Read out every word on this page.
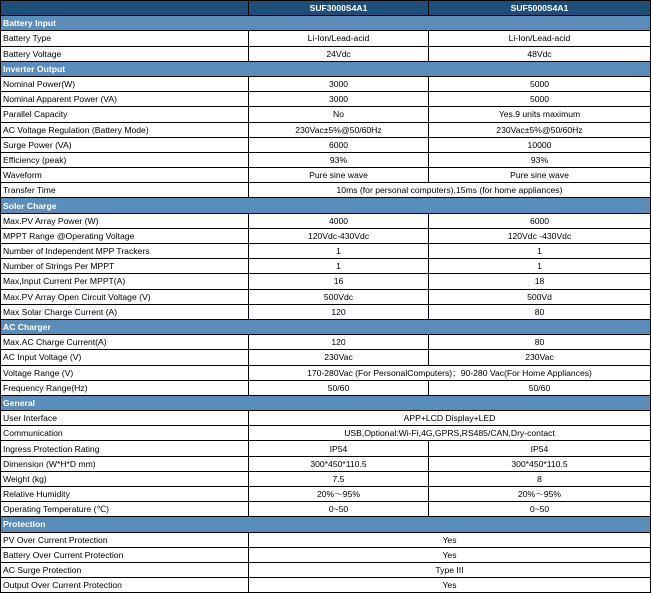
	SUF3000S4A1	SUF5000S4A1
Battery Input		
Battery Type	Li-Ion/Lead-acid	Li-Ion/Lead-acid
Battery Voltage	24Vdc	48Vdc
Inverter Output		
Nominal Power(W)	3000	5000
Nominal Apparent Power (VA)	3000	5000
Parallel Capacity	No	Yes.9 units maximum
AC Voltage Regulation (Battery Mode)	230Vac±5%@50/60Hz	230Vac±5%@50/60Hz
Surge Power (VA)	6000	10000
Efficiency (peak)	93%	93%
Waveform	Pure sine wave	Pure sine wave
Transfer Time	10ms (for personal computers),15ms (for home appliances)	
Soler Charge		
Max.PV Array Power (W)	4000	6000
MPPT Range @Operating Voltage	120Vdc-430Vdc	120Vdc -430Vdc
Number of Independent MPP Trackers	1	1
Number of Strings Per MPPT	1	1
Max,Input Current Per MPPT(A)	16	18
Max.PV Array Open Circuit Voltage (V)	500Vdc	500Vd
Max Solar Charge Current (A)	120	80
AC Charger		
Max.AC Charge Current(A)	120	80
AC Input Voltage (V)	230Vac	230Vac
Voltage Range (V)	170-280Vac (For PersonalComputers)；90-280 Vac(For Home Appliances)	
Frequency Range(Hz)	50/60	50/60
General		
User Interface	APP+LCD Display+LED	
Communication	USB,Optional:Wi-Fi,4G,GPRS,RS485/CAN,Dry-contact	
Ingress Protection Rating	IP54	IP54
Dimension (W*H*D mm)	300*450*110.5	300*450*110.5
Weight (kg)	7.5	8
Relative Humidity	20%～95%	20%～95%
Operating Temperature (℃)	0~50	0~50
Protection		
PV Over Current Protection	Yes	
Battery Over Current Protection	Yes	
AC Surge Protection	Type III	
Output Over Current Protection	Yes	
